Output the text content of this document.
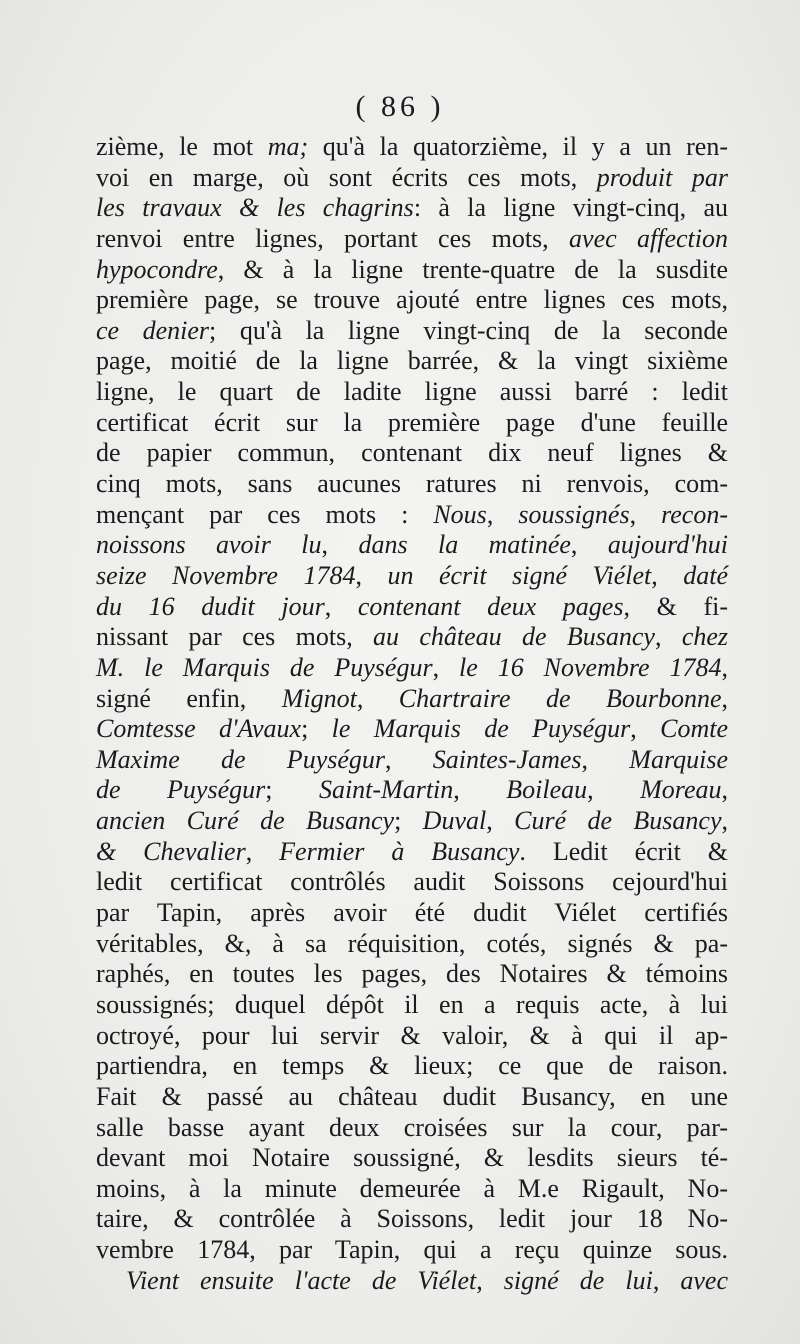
( 86 )
zième, le mot ma; qu'à la quatorzième, il y a un ren‑
voi en marge, où sont écrits ces mots, produit par
les travaux & les chagrins: à la ligne vingt-cinq, au
renvoi entre lignes, portant ces mots, avec affection
hypocondre, & à la ligne trente-quatre de la susdite
première page, se trouve ajouté entre lignes ces mots,
ce denier; qu'à la ligne vingt-cinq de la seconde
page, moitié de la ligne barrée, & la vingt sixième
ligne, le quart de ladite ligne aussi barré : ledit
certificat écrit sur la première page d'une feuille
de papier commun, contenant dix neuf lignes &
cinq mots, sans aucunes ratures ni renvois, com-
mençant par ces mots : Nous, soussignés, recon-
noissons avoir lu, dans la matinée, aujourd'hui
seize Novembre 1784, un écrit signé Viélet, daté
du 16 dudit jour, contenant deux pages, & fi-
nissant par ces mots, au château de Busancy, chez
M. le Marquis de Puységur, le 16 Novembre 1784,
signé enfin, Mignot, Chartraire de Bourbonne,
Comtesse d'Avaux; le Marquis de Puységur, Comte
Maxime de Puységur, Saintes-James, Marquise
de Puységur; Saint-Martin, Boileau, Moreau,
ancien Curé de Busancy; Duval, Curé de Busancy,
& Chevalier, Fermier à Busancy. Ledit écrit &
ledit certificat contrôlés audit Soissons cejourd'hui
par Tapin, après avoir été dudit Viélet certifiés
véritables, &, à sa réquisition, cotés, signés & pa-
raphés, en toutes les pages, des Notaires & témoins
soussignés; duquel dépôt il en a requis acte, à lui
octroyé, pour lui servir & valoir, & à qui il ap-
partiendra, en temps & lieux; ce que de raison.
Fait & passé au château dudit Busancy, en une
salle basse ayant deux croisées sur la cour, par-
devant moi Notaire soussigné, & lesdits sieurs té-
moins, à la minute demeurée à M.e Rigault, No-
taire, & contrôlée à Soissons, ledit jour 18 No-
vembre 1784, par Tapin, qui a reçu quinze sous.
Vient ensuite l'acte de Viélet, signé de lui, avec
